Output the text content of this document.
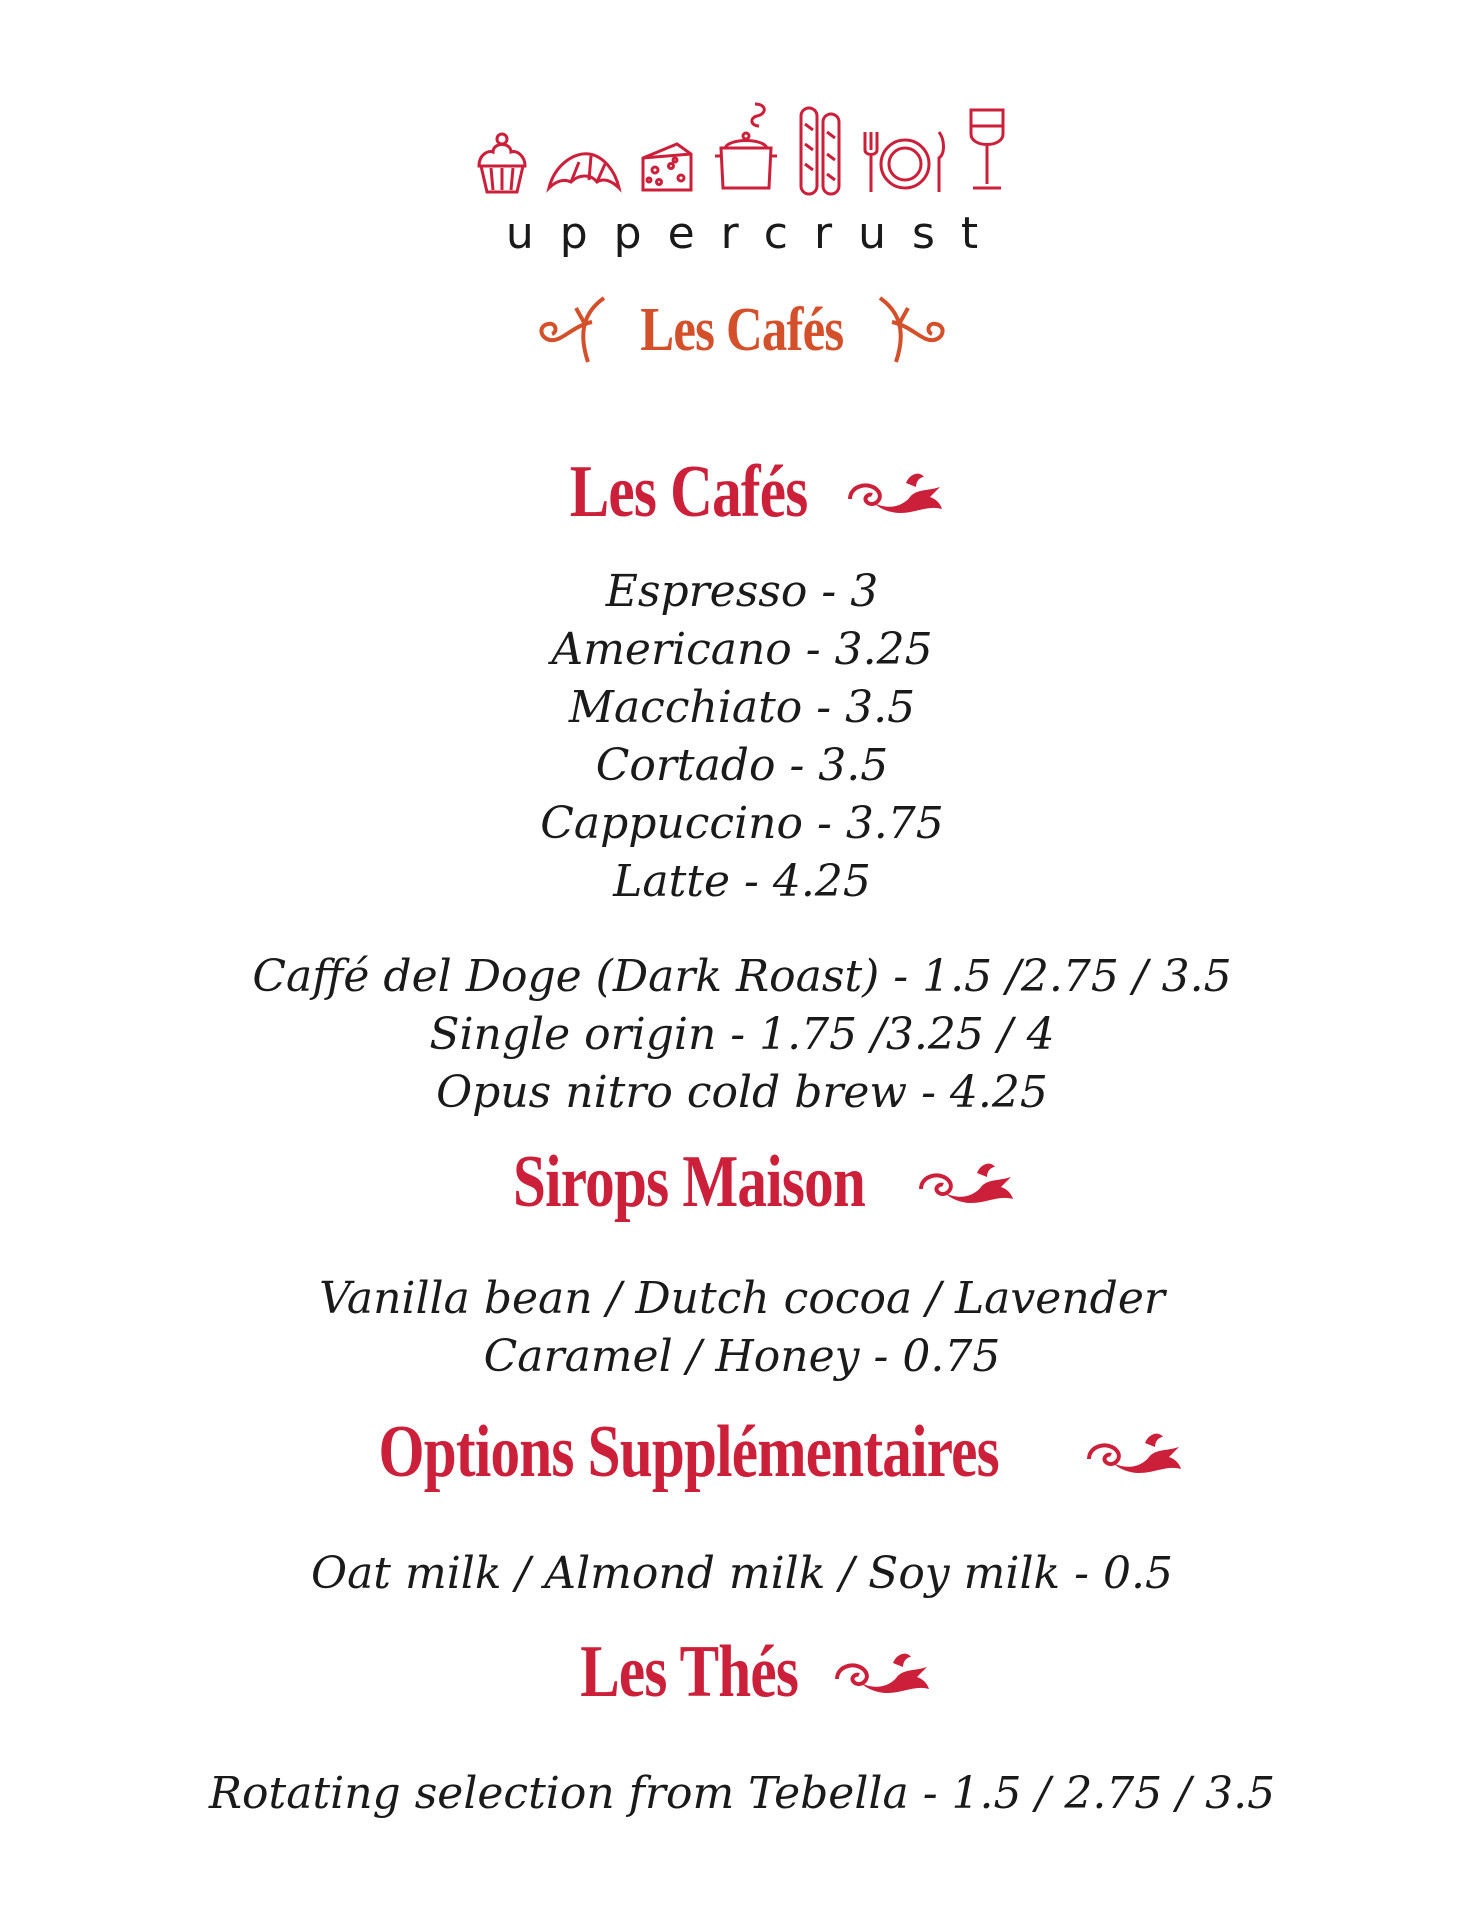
uppercrust
Les Cafés
Les Cafés
Espresso - 3
Americano - 3.25
Macchiato - 3.5
Cortado - 3.5
Cappuccino - 3.75
Latte - 4.25
Caffé del Doge (Dark Roast) - 1.5 /2.75 / 3.5
Single origin - 1.75 /3.25 / 4
Opus nitro cold brew - 4.25
Sirops Maison
Vanilla bean / Dutch cocoa / Lavender
Caramel / Honey - 0.75
Options Supplémentaires
Oat milk / Almond milk / Soy milk - 0.5
Les Thés
Rotating selection from Tebella - 1.5 / 2.75 / 3.5
